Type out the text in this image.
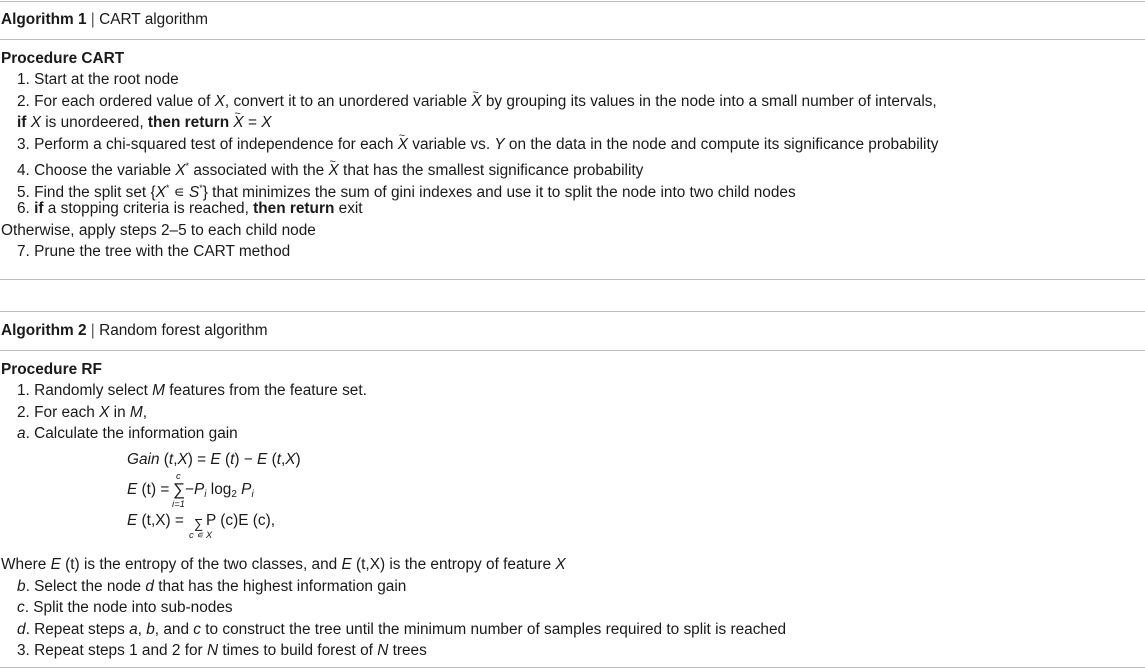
Algorithm 1 | CART algorithm
Procedure CART
1. Start at the root node
2. For each ordered value of X, convert it to an unordered variable ~ X by grouping its values in the node into a small number of intervals,
if X is unordeered, then return ~ X = X
3. Perform a chi-squared test of independence for each ~ X variable vs. Y on the data in the node and compute its significance probability
4. Choose the variable X* associated with the ~ X that has the smallest significance probability
5. Find the split set {X* ∊ S*} that minimizes the sum of gini indexes and use it to split the node into two child nodes
6. if a stopping criteria is reached, then return exit
Otherwise, apply steps 2–5 to each child node
7. Prune the tree with the CART method
Algorithm 2 | Random forest algorithm
Procedure RF
1. Randomly select M features from the feature set.
2. For each X in M,
a. Calculate the information gain
Gain (t,X) = E (t) − E (t,X)
E (t) =
c
∑
i=1
$-P_i$ $\log_2 P_i$
E (t,X) = ∑
c ∊ X
P (c)E (c),
Where E (t) is the entropy of the two classes, and E (t,X) is the entropy of feature X
b. Select the node d that has the highest information gain
c. Split the node into sub-nodes
d. Repeat steps a, b, and c to construct the tree until the minimum number of samples required to split is reached
3. Repeat steps 1 and 2 for N times to build forest of N trees
